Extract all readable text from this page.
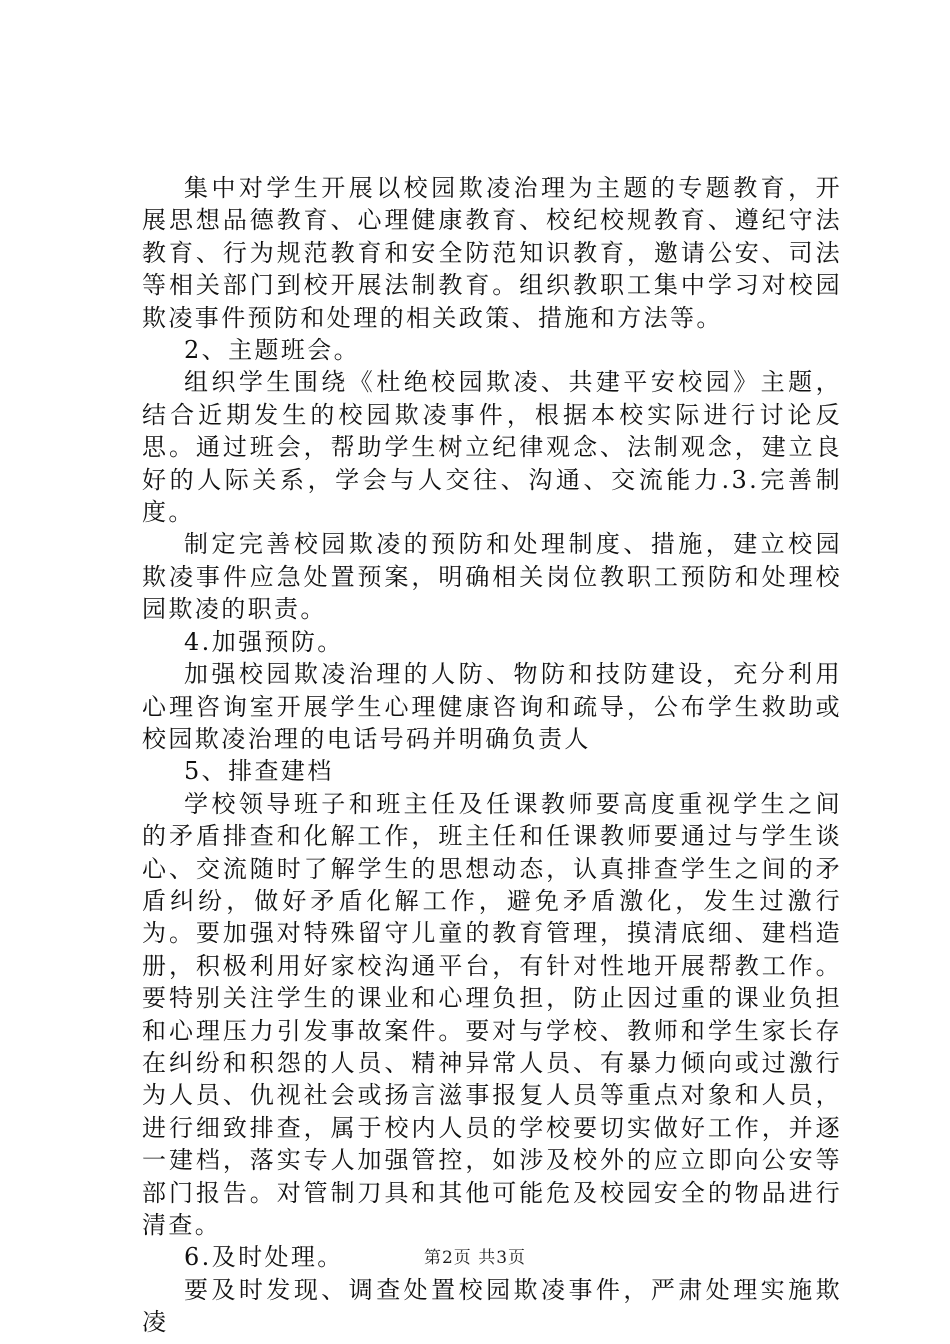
集中对学生开展以校园欺凌治理为主题的专题教育，开展思想品德教育、心理健康教育、校纪校规教育、遵纪守法教育、行为规范教育和安全防范知识教育，邀请公安、司法等相关部门到校开展法制教育。组织教职工集中学习对校园欺凌事件预防和处理的相关政策、措施和方法等。

2、主题班会。

组织学生围绕《杜绝校园欺凌、共建平安校园》主题，结合近期发生的校园欺凌事件，根据本校实际进行讨论反思。通过班会，帮助学生树立纪律观念、法制观念，建立良好的人际关系，学会与人交往、沟通、交流能力.3.完善制度。

制定完善校园欺凌的预防和处理制度、措施，建立校园欺凌事件应急处置预案，明确相关岗位教职工预防和处理校园欺凌的职责。

4.加强预防。

加强校园欺凌治理的人防、物防和技防建设，充分利用心理咨询室开展学生心理健康咨询和疏导，公布学生救助或校园欺凌治理的电话号码并明确负责人

5、排查建档

学校领导班子和班主任及任课教师要高度重视学生之间的矛盾排查和化解工作，班主任和任课教师要通过与学生谈心、交流随时了解学生的思想动态，认真排查学生之间的矛盾纠纷，做好矛盾化解工作，避免矛盾激化，发生过激行为。要加强对特殊留守儿童的教育管理，摸清底细、建档造册，积极利用好家校沟通平台，有针对性地开展帮教工作。要特别关注学生的课业和心理负担，防止因过重的课业负担和心理压力引发事故案件。要对与学校、教师和学生家长存在纠纷和积怨的人员、精神异常人员、有暴力倾向或过激行为人员、仇视社会或扬言滋事报复人员等重点对象和人员，进行细致排查，属于校内人员的学校要切实做好工作，并逐一建档，落实专人加强管控，如涉及校外的应立即向公安等部门报告。对管制刀具和其他可能危及校园安全的物品进行清查。

6.及时处理。

要及时发现、调查处置校园欺凌事件，严肃处理实施欺凌

第2页 共3页
